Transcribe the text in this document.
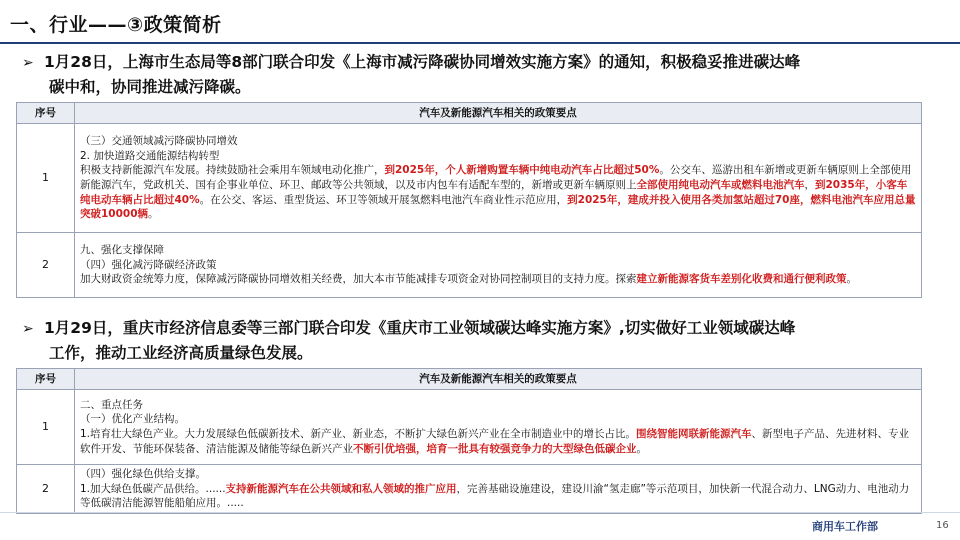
一、行业——③政策简析
➢ 1月28日，上海市生态局等8部门联合印发《上海市减污降碳协同增效实施方案》的通知，积极稳妥推进碳达峰
碳中和，协同推进减污降碳。
序号	汽车及新能源汽车相关的政策要点
1	（三）交通领域减污降碳协同增效
2. 加快道路交通能源结构转型
积极支持新能源汽车发展。持续鼓励社会乘用车领域电动化推广，到2025年，个人新增购置车辆中纯电动汽车占比超过50%。公交车、巡游出租车新增或更新车辆原则上全部使用新能源汽车，党政机关、国有企事业单位、环卫、邮政等公共领域，以及市内包车有适配车型的，新增或更新车辆原则上全部使用纯电动汽车或燃料电池汽车，到2035年，小客车纯电动车辆占比超过40%。在公交、客运、重型货运、环卫等领域开展氢燃料电池汽车商业性示范应用，到2025年，建成并投入使用各类加氢站超过70座，燃料电池汽车应用总量突破10000辆。

2	九、强化支撑保障
（四）强化减污降碳经济政策
加大财政资金统筹力度，保障减污降碳协同增效相关经费，加大本市节能减排专项资金对协同控制项目的支持力度。探索建立新能源客货车差别化收费和通行便利政策。
➢ 1月29日，重庆市经济信息委等三部门联合印发《重庆市工业领域碳达峰实施方案》,切实做好工业领域碳达峰
工作，推动工业经济高质量绿色发展。
序号	汽车及新能源汽车相关的政策要点
1	二、重点任务
（一）优化产业结构。
1.培育壮大绿色产业。大力发展绿色低碳新技术、新产业、新业态，不断扩大绿色新兴产业在全市制造业中的增长占比。围绕智能网联新能源汽车、新型电子产品、先进材料、专业软件开发、节能环保装备、清洁能源及储能等绿色新兴产业不断引优培强，培育一批具有较强竞争力的大型绿色低碳企业。

2	（四）强化绿色供给支撑。
1.加大绿色低碳产品供给。......支持新能源汽车在公共领域和私人领域的推广应用，完善基础设施建设，建设川渝“氢走廊”等示范项目，加快新一代混合动力、LNG动力、电池动力等低碳清洁能源智能船舶应用。.....
商用车工作部	16
